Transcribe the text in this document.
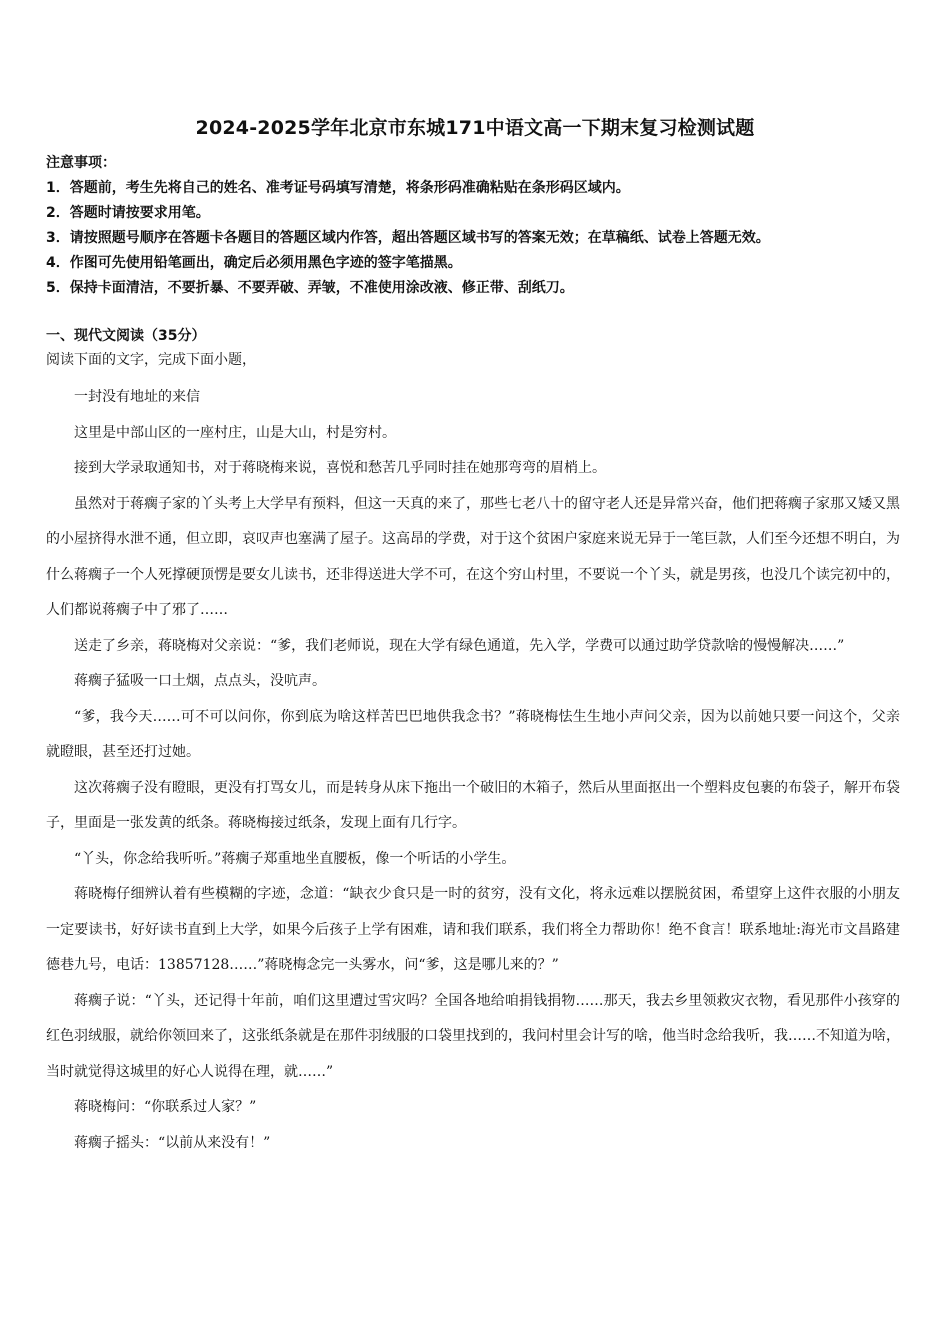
2024-2025学年北京市东城171中语文高一下期末复习检测试题
注意事项：
1．答题前，考生先将自己的姓名、准考证号码填写清楚，将条形码准确粘贴在条形码区域内。
2．答题时请按要求用笔。
3．请按照题号顺序在答题卡各题目的答题区域内作答，超出答题区域书写的答案无效；在草稿纸、试卷上答题无效。
4．作图可先使用铅笔画出，确定后必须用黑色字迹的签字笔描黑。
5．保持卡面清洁，不要折暴、不要弄破、弄皱，不准使用涂改液、修正带、刮纸刀。
一、现代文阅读（35分）
阅读下面的文字，完成下面小题，

一封没有地址的来信

这里是中部山区的一座村庄，山是大山，村是穷村。

接到大学录取通知书，对于蒋晓梅来说，喜悦和愁苦几乎同时挂在她那弯弯的眉梢上。

虽然对于蒋瘸子家的丫头考上大学早有预料，但这一天真的来了，那些七老八十的留守老人还是异常兴奋，他们把蒋瘸子家那又矮又黑的小屋挤得水泄不通，但立即，哀叹声也塞满了屋子。这高昂的学费，对于这个贫困户家庭来说无异于一笔巨款，人们至今还想不明白，为什么蒋瘸子一个人死撑硬顶愣是要女儿读书，还非得送进大学不可，在这个穷山村里，不要说一个丫头，就是男孩，也没几个读完初中的，人们都说蒋瘸子中了邪了……

送走了乡亲，蒋晓梅对父亲说：“爹，我们老师说，现在大学有绿色通道，先入学，学费可以通过助学贷款啥的慢慢解决……”

蒋瘸子猛吸一口土烟，点点头，没吭声。

“爹，我今天……可不可以问你，你到底为啥这样苦巴巴地供我念书？”蒋晓梅怯生生地小声问父亲，因为以前她只要一问这个，父亲就瞪眼，甚至还打过她。

这次蒋瘸子没有瞪眼，更没有打骂女儿，而是转身从床下拖出一个破旧的木箱子，然后从里面抠出一个塑料皮包裹的布袋子，解开布袋子，里面是一张发黄的纸条。蒋晓梅接过纸条，发现上面有几行字。

“丫头，你念给我听听。”蒋瘸子郑重地坐直腰板，像一个听话的小学生。

蒋晓梅仔细辨认着有些模糊的字迹，念道：“缺衣少食只是一时的贫穷，没有文化，将永远难以摆脱贫困，希望穿上这件衣服的小朋友一定要读书，好好读书直到上大学，如果今后孩子上学有困难，请和我们联系，我们将全力帮助你！绝不食言！联系地址:海光市文昌路建德巷九号，电话：13857128……”蒋晓梅念完一头雾水，问“爹，这是哪儿来的？”

蒋瘸子说：“丫头，还记得十年前，咱们这里遭过雪灾吗？全国各地给咱捐钱捐物……那天，我去乡里领救灾衣物，看见那件小孩穿的红色羽绒服，就给你领回来了，这张纸条就是在那件羽绒服的口袋里找到的，我问村里会计写的啥，他当时念给我听，我……不知道为啥，当时就觉得这城里的好心人说得在理，就……”

蒋晓梅问：“你联系过人家？”

蒋瘸子摇头：“以前从来没有！”
